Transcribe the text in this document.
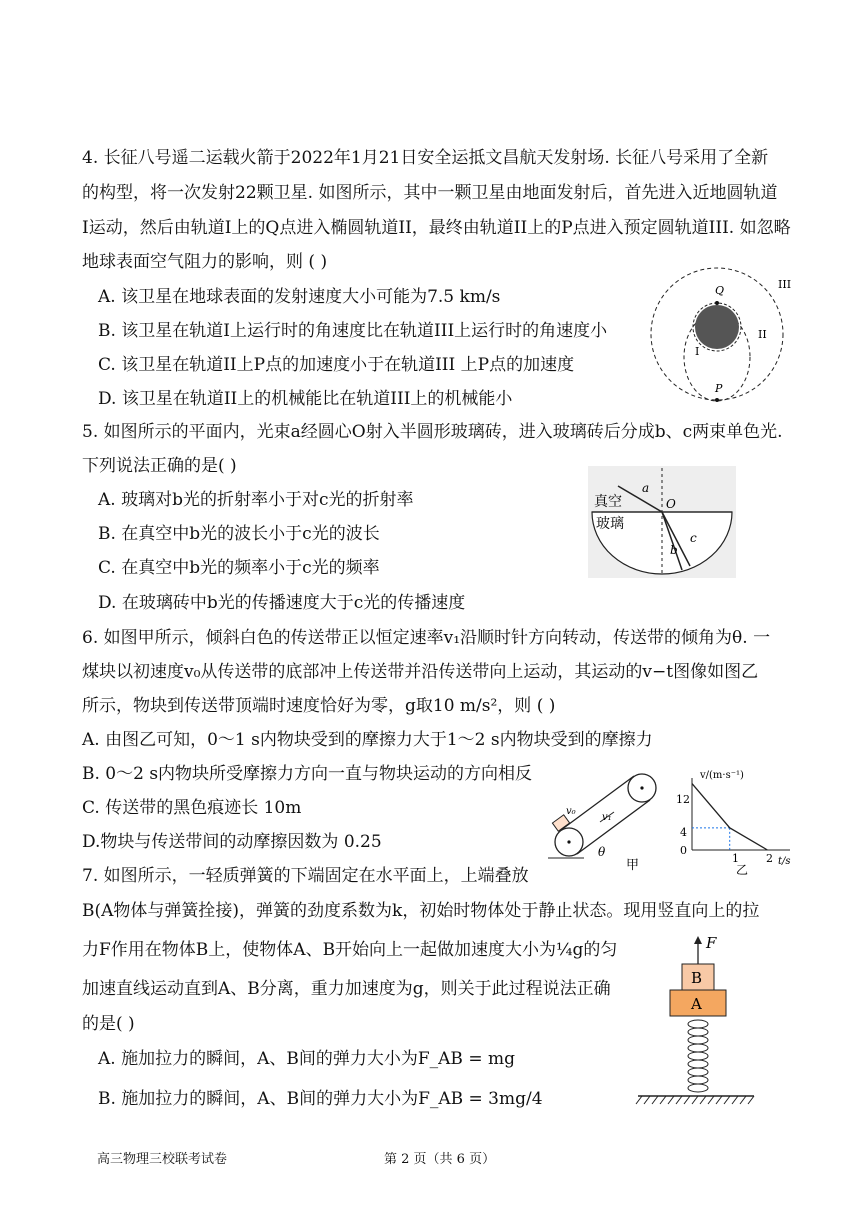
4. 长征八号遥二运载火箭于2022年1月21日安全运抵文昌航天发射场. 长征八号采用了全新
的构型，将一次发射22颗卫星. 如图所示，其中一颗卫星由地面发射后，首先进入近地圆轨道
I运动，然后由轨道I上的Q点进入椭圆轨道II，最终由轨道II上的P点进入预定圆轨道III. 如忽略
地球表面空气阻力的影响，则 ( )
A. 该卫星在地球表面的发射速度大小可能为7.5 km/s
B. 该卫星在轨道I上运行时的角速度比在轨道III上运行时的角速度小
C. 该卫星在轨道II上P点的加速度小于在轨道III 上P点的加速度
D. 该卫星在轨道II上的机械能比在轨道III上的机械能小
Q
P
I
II
III
5. 如图所示的平面内，光束a经圆心O射入半圆形玻璃砖，进入玻璃砖后分成b、c两束单色光.
下列说法正确的是( )
A. 玻璃对b光的折射率小于对c光的折射率
B. 在真空中b光的波长小于c光的波长
C. 在真空中b光的频率小于c光的频率
D. 在玻璃砖中b光的传播速度大于c光的传播速度
真空
玻璃
a
O
b
c
6. 如图甲所示，倾斜白色的传送带正以恒定速率v₁沿顺时针方向转动，传送带的倾角为θ. 一
煤块以初速度v₀从传送带的底部冲上传送带并沿传送带向上运动，其运动的v−t图像如图乙
所示，物块到传送带顶端时速度恰好为零，g取10 m/s²，则 ( )
A. 由图乙可知，0～1 s内物块受到的摩擦力大于1～2 s内物块受到的摩擦力
B. 0～2 s内物块所受摩擦力方向一直与物块运动的方向相反
C. 传送带的黑色痕迹长 10m
D.物块与传送带间的动摩擦因数为 0.25
v₀
v₁
θ
甲
v/(m·s⁻¹)
t/s
12
4
0
1 2
乙
7. 如图所示，一轻质弹簧的下端固定在水平面上，上端叠放
B(A物体与弹簧拴接)，弹簧的劲度系数为k，初始时物体处于静止状态。现用竖直向上的拉
力F作用在物体B上，使物体A、B开始向上一起做加速度大小为¼g的匀
加速直线运动直到A、B分离，重力加速度为g，则关于此过程说法正确
的是( )
A. 施加拉力的瞬间，A、B间的弹力大小为F_AB = mg
B. 施加拉力的瞬间，A、B间的弹力大小为F_AB = 3mg/4
F
B
A
高三物理三校联考试卷	第 2 页（共 6 页）
